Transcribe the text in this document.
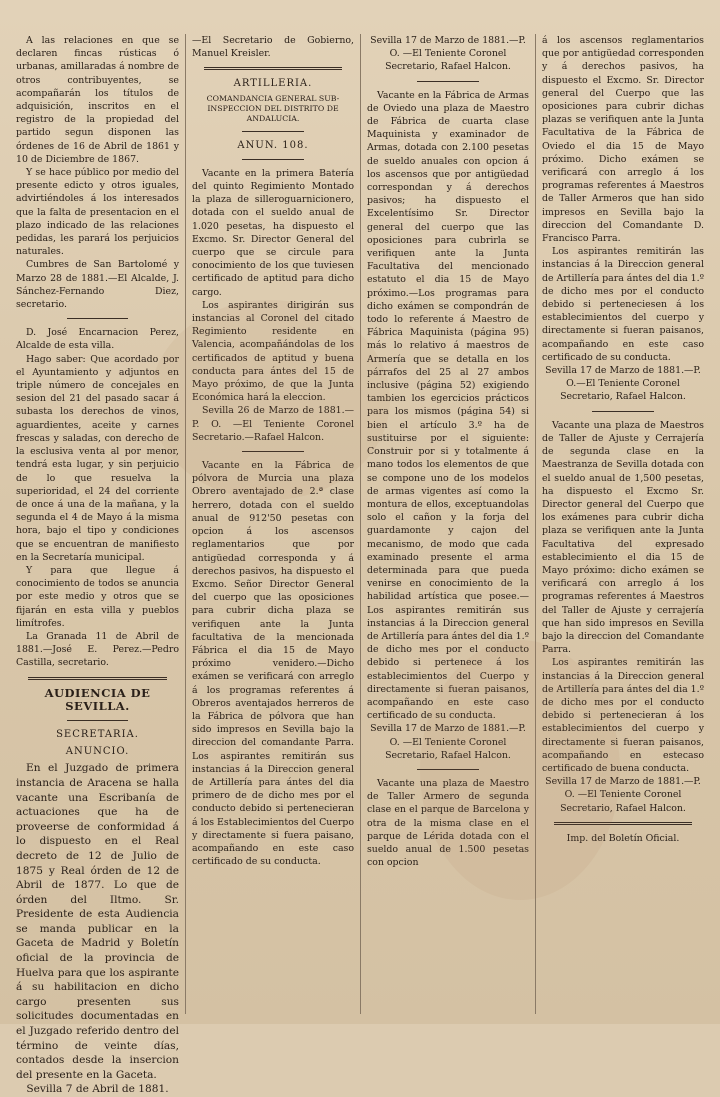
A las relaciones en que se declaren fincas rústicas ó urbanas, amillaradas á nombre de otros contribuyentes, se acompañarán los títulos de adquisición, inscritos en el registro de la propiedad del partido segun disponen las órdenes de 16 de Abril de 1861 y 10 de Diciembre de 1867.

Y se hace público por medio del presente edicto y otros iguales, advirtiéndoles á los interesados que la falta de presentacion en el plazo indicado de las relaciones pedidas, les parará los perjuicios naturales.

Cumbres de San Bartolomé y Marzo 28 de 1881.—El Alcalde, J. Sánchez-Fernando Diez, secretario.

D. José Encarnacion Perez, Alcalde de esta villa.

Hago saber: Que acordado por el Ayuntamiento y adjuntos en triple número de concejales en sesion del 21 del pasado sacar á subasta los derechos de vinos, aguardientes, aceite y carnes frescas y saladas, con derecho de la esclusiva venta al por menor, tendrá esta lugar, y sin perjuicio de lo que resuelva la superioridad, el 24 del corriente de once á una de la mañana, y la segunda el 4 de Mayo á la misma hora, bajo el tipo y condiciones que se encuentran de manifiesto en la Secretaría municipal.

Y para que llegue á conocimiento de todos se anuncia por este medio y otros que se fijarán en esta villa y pueblos limítrofes.

La Granada 11 de Abril de 1881.—José E. Perez.—Pedro Castilla, secretario.

AUDIENCIA DE SEVILLA.
SECRETARIA.
ANUNCIO.

En el Juzgado de primera instancia de Aracena se halla vacante una Escribanía de actuaciones que ha de proveerse de conformidad á lo dispuesto en el Real decreto de 12 de Julio de 1875 y Real órden de 12 de Abril de 1877. Lo que de órden del Iltmo. Sr. Presidente de esta Audiencia se manda publicar en la Gaceta de Madrid y Boletín oficial de la provincia de Huelva para que los aspirante á su habilitacion en dicho cargo presenten sus solicitudes documentadas en el Juzgado referido dentro del término de veinte días, contados desde la insercion del presente en la Gaceta.

Sevilla 7 de Abril de 1881.

—El Secretario de Gobierno, Manuel Kreisler.

ARTILLERIA.
COMANDANCIA GENERAL SUB-INSPECCION DEL DISTRITO DE ANDALUCIA.
ANUN. 108.

Vacante en la primera Batería del quinto Regimiento Montado la plaza de silleroguarnicionero, dotada con el sueldo anual de 1.020 pesetas, ha dispuesto el Excmo. Sr. Director General del cuerpo que se circule para conocimiento de los que tuviesen certificado de aptitud para dicho cargo.

Los aspirantes dirigirán sus instancias al Coronel del citado Regimiento residente en Valencia, acompañándolas de los certificados de aptitud y buena conducta para ántes del 15 de Mayo próximo, de que la Junta Económica hará la eleccion.

Sevilla 26 de Marzo de 1881.—P. O. —El Teniente Coronel Secretario.—Rafael Halcon.

Vacante en la Fábrica de pólvora de Murcia una plaza Obrero aventajado de 2.ª clase herrero, dotada con el sueldo anual de 912'50 pesetas con opcion á los ascensos reglamentarios que por antigüedad corresponda y á derechos pasivos, ha dispuesto el Excmo. Señor Director General del cuerpo que las oposiciones para cubrir dicha plaza se verifiquen ante la Junta facultativa de la mencionada Fábrica el dia 15 de Mayo próximo venidero.—Dicho exámen se verificará con arreglo á los programas referentes á Obreros aventajados herreros de la Fábrica de pólvora que han sido impresos en Sevilla bajo la direccion del comandante Parra. Los aspirantes remitirán sus instancias á la Direccion general de Artillería para ántes del dia primero de de dicho mes por el conducto debido si pertenecieran á los Establecimientos del Cuerpo y directamente si fuera paisano, acompañando en este caso certificado de su conducta.

Sevilla 17 de Marzo de 1881.—P. O. —El Teniente Coronel Secretario, Rafael Halcon.

Vacante en la Fábrica de Armas de Oviedo una plaza de Maestro de Fábrica de cuarta clase Maquinista y examinador de Armas, dotada con 2.100 pesetas de sueldo anuales con opcion á los ascensos que por antigüedad correspondan y á derechos pasivos; ha dispuesto el Excelentísimo Sr. Director general del cuerpo que las oposiciones para cubrirla se verifiquen ante la Junta Facultativa del mencionado estatuto el dia 15 de Mayo próximo.—Los programas para dicho exámen se compondrán de todo lo referente á Maestro de Fábrica Maquinista (página 95) más lo relativo á maestros de Armería que se detalla en los párrafos del 25 al 27 ambos inclusive (página 52) exigiendo tambien los egercicios prácticos para los mismos (página 54) si bien el artículo 3.º ha de sustituirse por el siguiente: Construir por si y totalmente á mano todos los elementos de que se compone uno de los modelos de armas vigentes así como la montura de ellos, exceptuandolas solo el cañon y la forja del guardamonte y cajon del mecanismo, de modo que cada examinado presente el arma determinada para que pueda venirse en conocimiento de la habilidad artística que posee.—Los aspirantes remitirán sus instancias á la Direccion general de Artillería para ántes del dia 1.º de dicho mes por el conducto debido si pertenece á los establecimientos del Cuerpo y directamente si fueran paisanos, acompañando en este caso certificado de su conducta.

Sevilla 17 de Marzo de 1881.—P. O. —El Teniente Coronel Secretario, Rafael Halcon.

Vacante una plaza de Maestro de Taller Armero de segunda clase en el parque de Barcelona y otra de la misma clase en el parque de Lérida dotada con el sueldo anual de 1.500 pesetas con opcion

á los ascensos reglamentarios que por antigüedad corresponden y á derechos pasivos, ha dispuesto el Excmo. Sr. Director general del Cuerpo que las oposiciones para cubrir dichas plazas se verifiquen ante la Junta Facultativa de la Fábrica de Oviedo el dia 15 de Mayo próximo. Dicho exámen se verificará con arreglo á los programas referentes á Maestros de Taller Armeros que han sido impresos en Sevilla bajo la direccion del Comandante D. Francisco Parra.

Los aspirantes remitirán las instancias á la Direccion general de Artillería para ántes del dia 1.º de dicho mes por el conducto debido si perteneciesen á los establecimientos del cuerpo y directamente si fueran paisanos, acompañando en este caso certificado de su conducta.

Sevilla 17 de Marzo de 1881.—P. O.—El Teniente Coronel Secretario, Rafael Halcon.

Vacante una plaza de Maestros de Taller de Ajuste y Cerrajería de segunda clase en la Maestranza de Sevilla dotada con el sueldo anual de 1,500 pesetas, ha dispuesto el Excmo Sr. Director general del Cuerpo que los exámenes para cubrir dicha plaza se verifiquen ante la Junta Facultativa del expresado establecimiento el dia 15 de Mayo próximo: dicho exámen se verificará con arreglo á los programas referentes á Maestros del Taller de Ajuste y cerrajería que han sido impresos en Sevilla bajo la direccion del Comandante Parra.

Los aspirantes remitirán las instancias á la Direccion general de Artillería para ántes del dia 1.º de dicho mes por el conducto debido si pertenecieran á los establecimientos del cuerpo y directamente si fueran paisanos, acompañando en estecaso certificado de buena conducta.

Sevilla 17 de Marzo de 1881.—P. O. —El Teniente Coronel Secretario, Rafael Halcon.

Imp. del Boletín Oficial.
